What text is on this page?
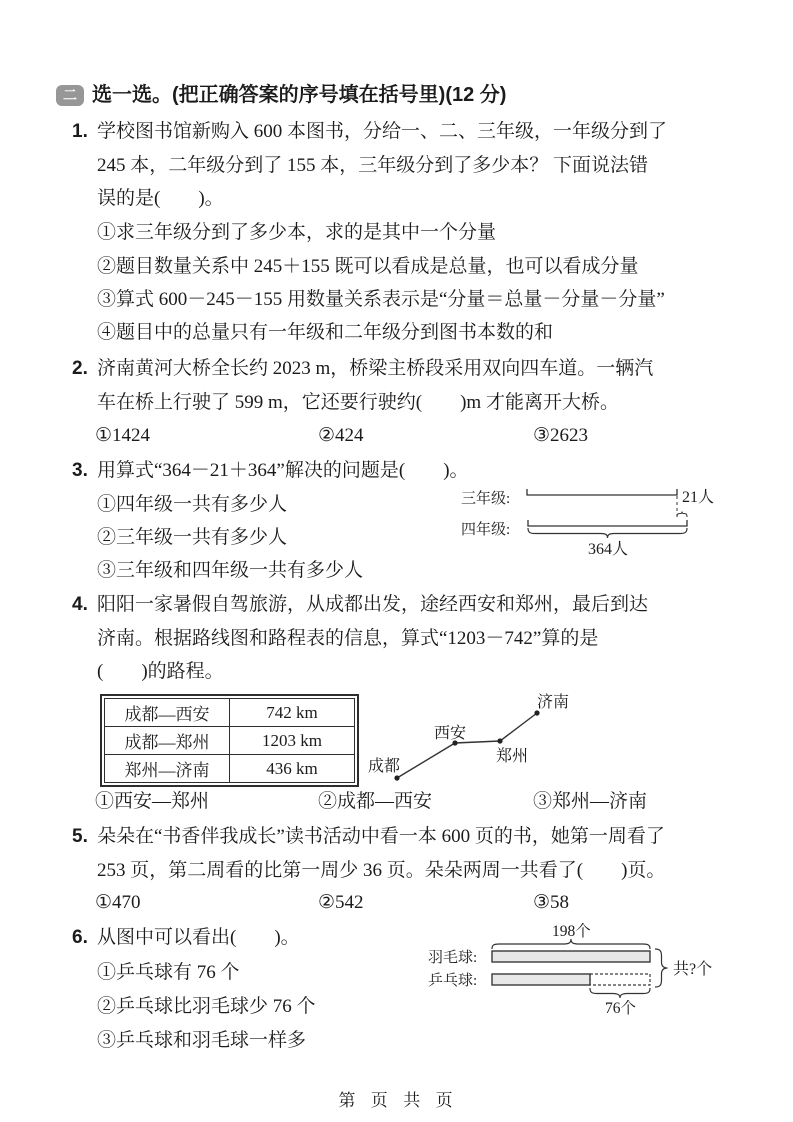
二 选一选。(把正确答案的序号填在括号里)(12 分)
1. 学校图书馆新购入 600 本图书，分给一、二、三年级，一年级分到了
245 本，二年级分到了 155 本，三年级分到了多少本？ 下面说法错
误的是(　　)。
①求三年级分到了多少本，求的是其中一个分量
②题目数量关系中 245＋155 既可以看成是总量，也可以看成分量
③算式 600－245－155 用数量关系表示是“分量＝总量－分量－分量”
④题目中的总量只有一年级和二年级分到图书本数的和
2. 济南黄河大桥全长约 2023 m，桥梁主桥段采用双向四车道。一辆汽
车在桥上行驶了 599 m，它还要行驶约(　　)m 才能离开大桥。
①1424	②424	③2623
3. 用算式“364－21＋364”解决的问题是(　　)。
①四年级一共有多少人
②三年级一共有多少人
③三年级和四年级一共有多少人
三年级:	21人
四年级:
364人
4. 阳阳一家暑假自驾旅游，从成都出发，途经西安和郑州，最后到达
济南。根据路线图和路程表的信息，算式“1203－742”算的是
(　　)的路程。
成都—西安	742 km
成都—郑州	1203 km
郑州—济南	436 km	成都
西安
郑州
济南
①西安—郑州	②成都—西安	③郑州—济南
5. 朵朵在“书香伴我成长”读书活动中看一本 600 页的书，她第一周看了
253 页，第二周看的比第一周少 36 页。朵朵两周一共看了(　　)页。
①470	②542	③58
6. 从图中可以看出(　　)。
①乒乓球有 76 个
②乒乓球比羽毛球少 76 个
③乒乓球和羽毛球一样多
198个
羽毛球:
乒乓球:
共?个
76个
第  页  共  页
